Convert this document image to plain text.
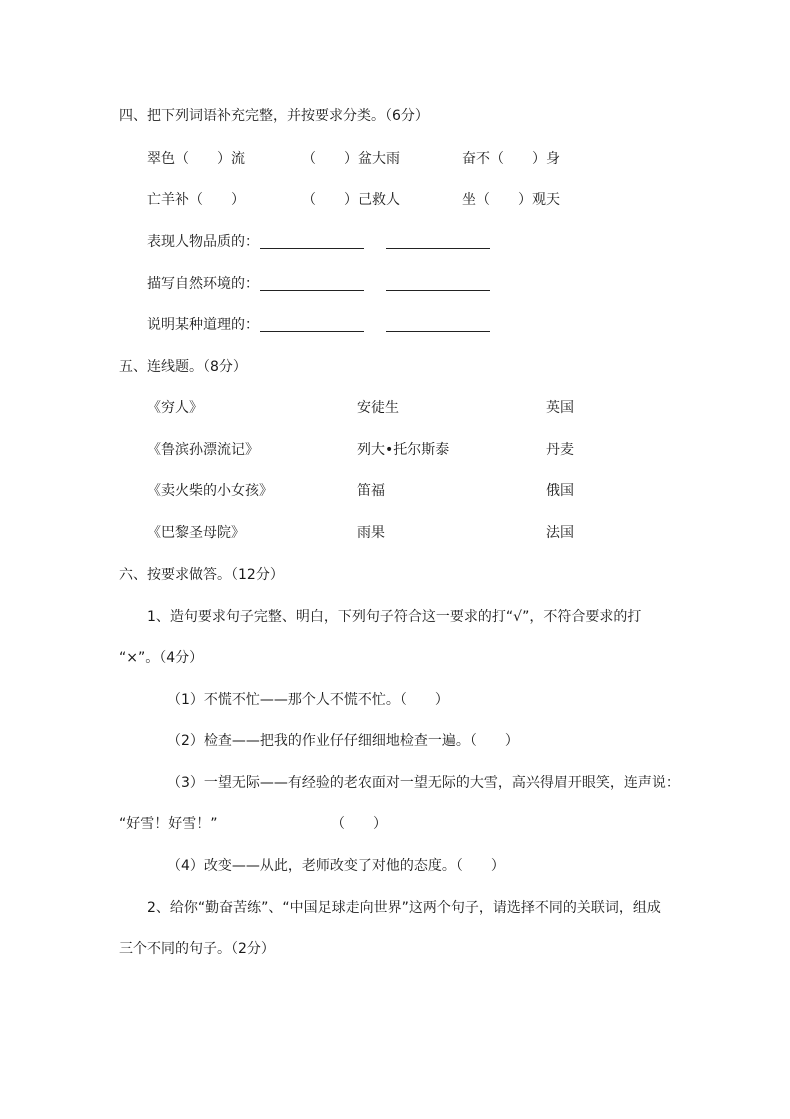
四、把下列词语补充完整，并按要求分类。（6分）
翠色（　　）流	（　　）盆大雨	奋不（　　）身
亡羊补（　　）	（　　）己救人	坐（　　）观天
表现人物品质的：
描写自然环境的：
说明某种道理的：
五、连线题。（8分）
《穷人》	安徒生	英国
《鲁滨孙漂流记》	列大•托尔斯泰	丹麦
《卖火柴的小女孩》	笛福	俄国
《巴黎圣母院》	雨果	法国
六、按要求做答。（12分）
1、造句要求句子完整、明白，下列句子符合这一要求的打“√”，不符合要求的打
“×”。（4分）
（1）不慌不忙——那个人不慌不忙。（　　）
（2）检查——把我的作业仔仔细细地检查一遍。（　　）
（3）一望无际——有经验的老农面对一望无际的大雪，高兴得眉开眼笑，连声说：
“好雪！好雪！”	（　　）
（4）改变——从此，老师改变了对他的态度。（　　）
2、给你“勤奋苦练”、“中国足球走向世界”这两个句子，请选择不同的关联词，组成
三个不同的句子。（2分）
